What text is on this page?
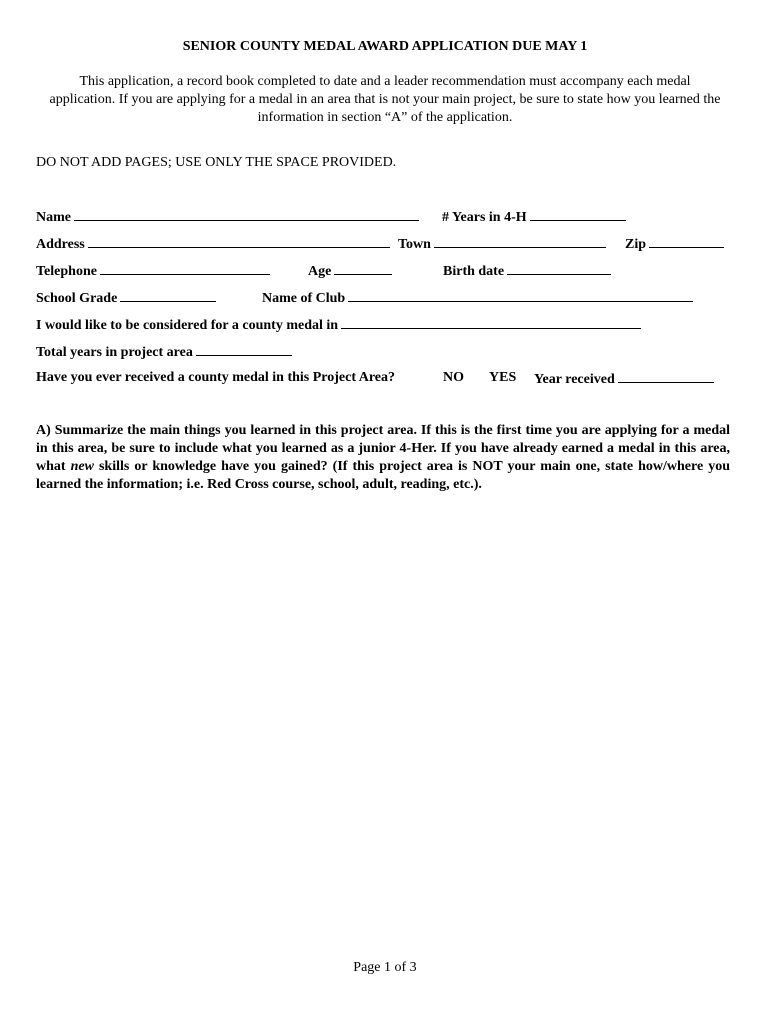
SENIOR COUNTY MEDAL AWARD APPLICATION DUE MAY 1
This application, a record book completed to date and a leader recommendation must accompany each medal application. If you are applying for a medal in an area that is not your main project, be sure to state how you learned the information in section “A” of the application.
DO NOT ADD PAGES; USE ONLY THE SPACE PROVIDED.
Name	# Years in 4-H
Address	Town	Zip
Telephone	Age	Birth date
School Grade	Name of Club
I would like to be considered for a county medal in
Total years in project area
Have you ever received a county medal in this Project Area?	NO YES Year received
A) Summarize the main things you learned in this project area. If this is the first time you are applying for a medal in this area, be sure to include what you learned as a junior 4-Her. If you have already earned a medal in this area, what new skills or knowledge have you gained? (If this project area is NOT your main one, state how/where you learned the information; i.e. Red Cross course, school, adult, reading, etc.).
Page 1 of 3
